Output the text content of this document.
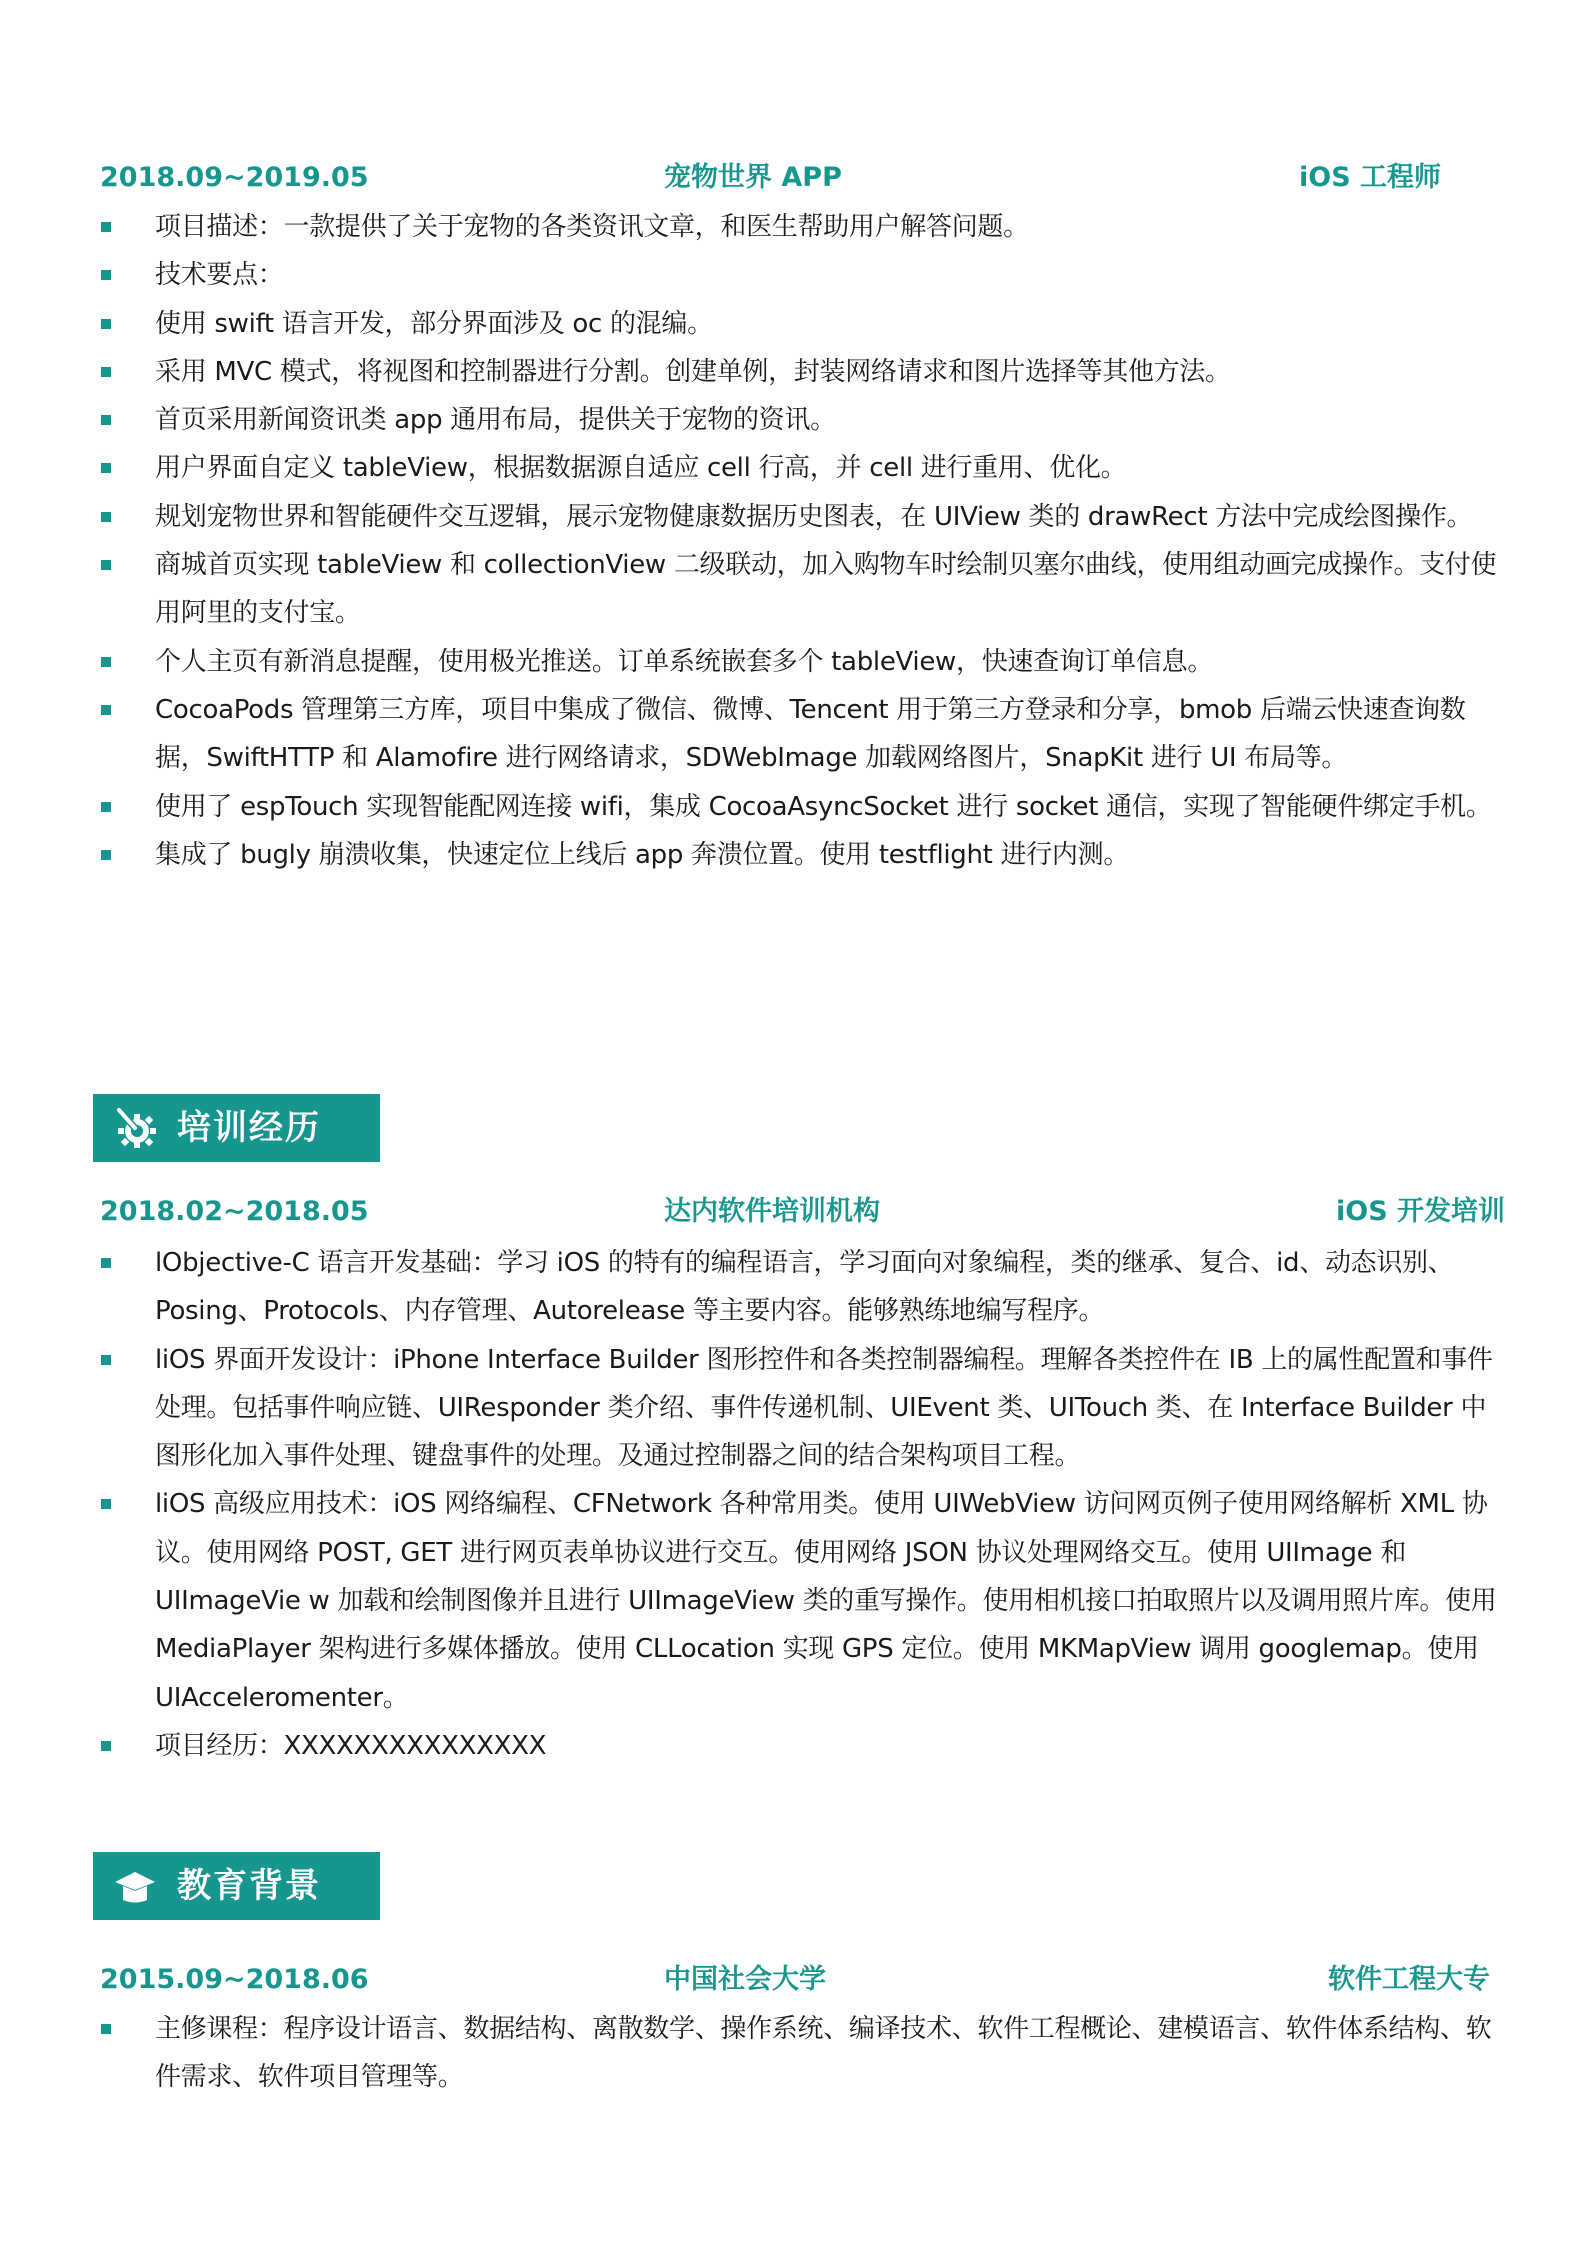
2018.09~2019.05	宠物世界 APP	iOS 工程师
项目描述：一款提供了关于宠物的各类资讯文章，和医生帮助用户解答问题。
技术要点：
使用 swift 语言开发，部分界面涉及 oc 的混编。
采用 MVC 模式，将视图和控制器进行分割。创建单例，封装网络请求和图片选择等其他方法。
首页采用新闻资讯类 app 通用布局，提供关于宠物的资讯。
用户界面自定义 tableView，根据数据源自适应 cell 行高，并 cell 进行重用、优化。
规划宠物世界和智能硬件交互逻辑，展示宠物健康数据历史图表，在 UIView 类的 drawRect 方法中完成绘图操作。
商城首页实现 tableView 和 collectionView 二级联动，加入购物车时绘制贝塞尔曲线，使用组动画完成操作。支付使用阿里的支付宝。
个人主页有新消息提醒，使用极光推送。订单系统嵌套多个 tableView，快速查询订单信息。
CocoaPods 管理第三方库，项目中集成了微信、微博、Tencent 用于第三方登录和分享，bmob 后端云快速查询数据，SwiftHTTP 和 Alamofire 进行网络请求，SDWebImage 加载网络图片，SnapKit 进行 UI 布局等。
使用了 espTouch 实现智能配网连接 wifi，集成 CocoaAsyncSocket 进行 socket 通信，实现了智能硬件绑定手机。
集成了 bugly 崩溃收集，快速定位上线后 app 奔溃位置。使用 testflight 进行内测。
培训经历
2018.02~2018.05	达内软件培训机构	iOS 开发培训
lObjective-C 语言开发基础：学习 iOS 的特有的编程语言，学习面向对象编程，类的继承、复合、id、动态识别、Posing、Protocols、内存管理、Autorelease 等主要内容。能够熟练地编写程序。
liOS 界面开发设计：iPhone Interface Builder 图形控件和各类控制器编程。理解各类控件在 IB 上的属性配置和事件处理。包括事件响应链、UIResponder 类介绍、事件传递机制、UIEvent 类、UITouch 类、在 Interface Builder 中图形化加入事件处理、键盘事件的处理。及通过控制器之间的结合架构项目工程。
liOS 高级应用技术：iOS 网络编程、CFNetwork 各种常用类。使用 UIWebView 访问网页例子使用网络解析 XML 协议。使用网络 POST, GET 进行网页表单协议进行交互。使用网络 JSON 协议处理网络交互。使用 UIImage 和 UIImageVie w 加载和绘制图像并且进行 UIImageView 类的重写操作。使用相机接口拍取照片以及调用照片库。使用 MediaPlayer 架构进行多媒体播放。使用 CLLocation 实现 GPS 定位。使用 MKMapView 调用 googlemap。使用 UIAcceleromenter。
项目经历：XXXXXXXXXXXXXXX
教育背景
2015.09~2018.06	中国社会大学	软件工程大专
主修课程：程序设计语言、数据结构、离散数学、操作系统、编译技术、软件工程概论、建模语言、软件体系结构、软件需求、软件项目管理等。
